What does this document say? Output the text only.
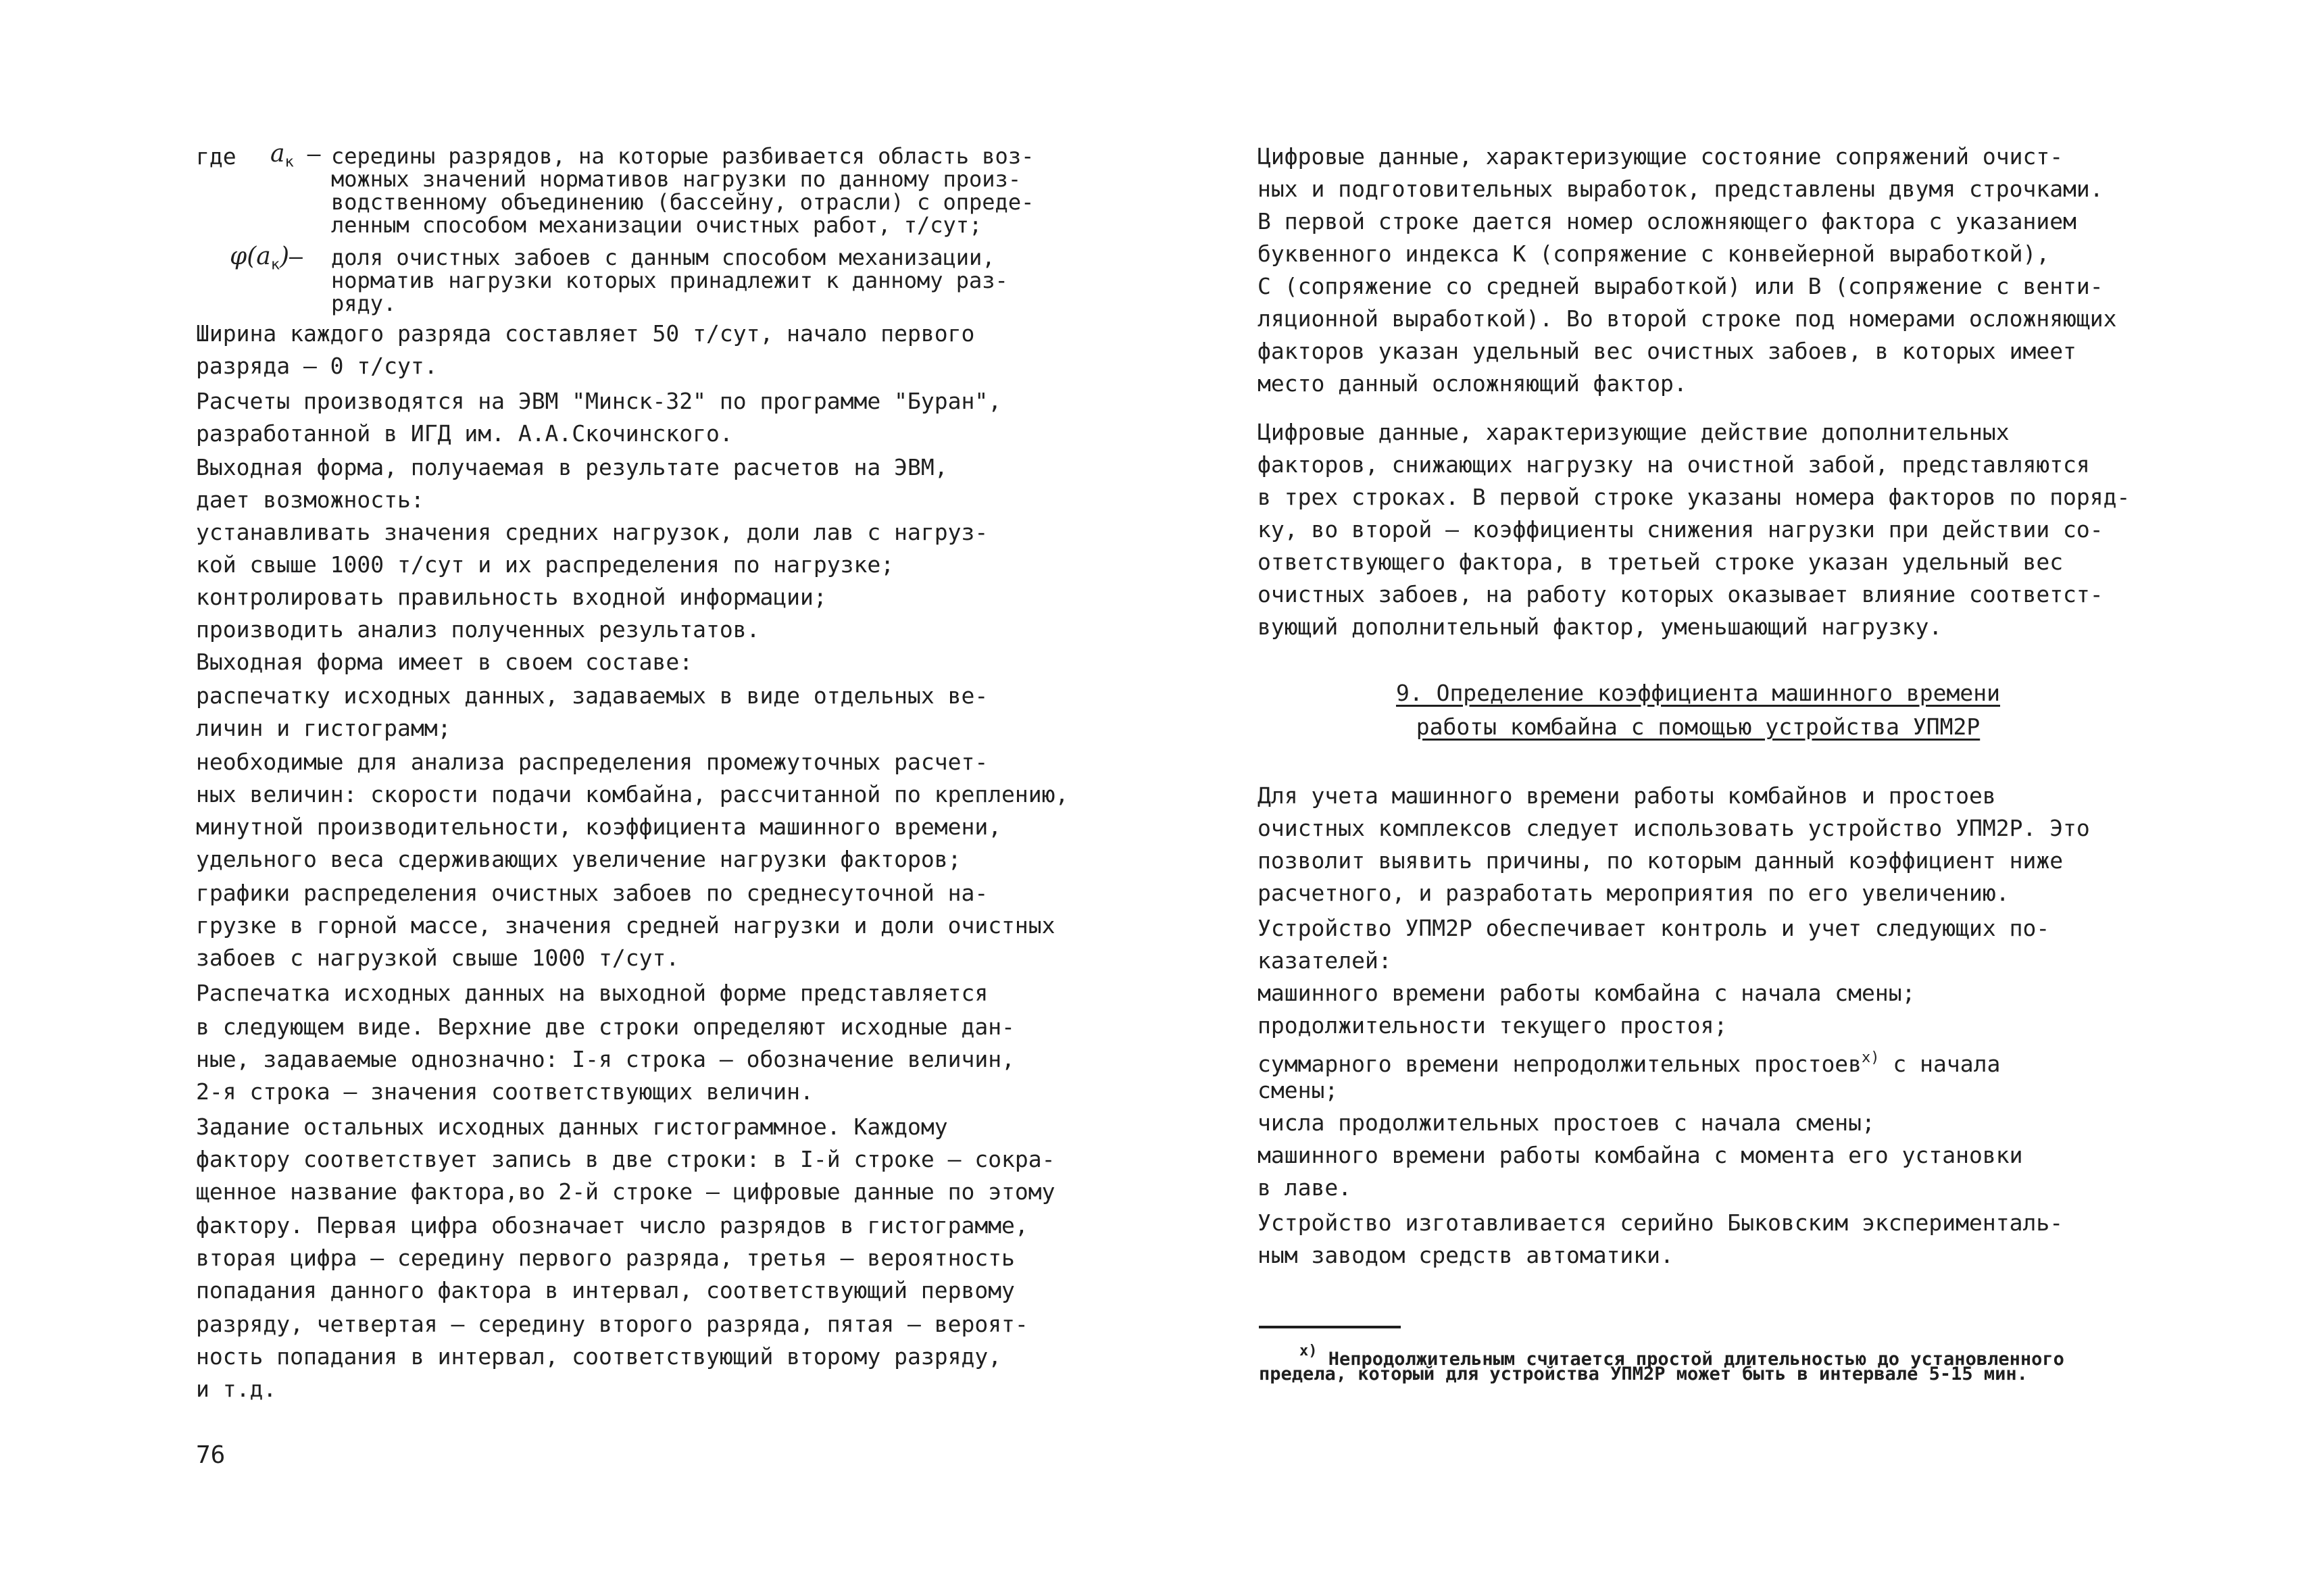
где $a_к$ – середины разрядов, на которые разбивается область воз-
можных значений нормативов нагрузки по данному произ-
водственному объединению (бассейну, отрасли) с опреде-
ленным способом механизации очистных работ, т/сут;
$\varphi(a_к)-$ доля очистных забоев с данным способом механизации,
норматив нагрузки которых принадлежит к данному раз-
ряду.
Ширина каждого разряда составляет 50 т/сут, начало первого
разряда – 0 т/сут.
Расчеты производятся на ЭВМ "Минск-32" по программе "Буран",
разработанной в ИГД им. А.А.Скочинского.
Выходная форма, получаемая в результате расчетов на ЭВМ,
дает возможность:
устанавливать значения средних нагрузок, доли лав с нагруз-
кой свыше 1000 т/сут и их распределения по нагрузке;
контролировать правильность входной информации;
производить анализ полученных результатов.
Выходная форма имеет в своем составе:
распечатку исходных данных, задаваемых в виде отдельных ве-
личин и гистограмм;
необходимые для анализа распределения промежуточных расчет-
ных величин: скорости подачи комбайна, рассчитанной по креплению,
минутной производительности, коэффициента машинного времени,
удельного веса сдерживающих увеличение нагрузки факторов;
графики распределения очистных забоев по среднесуточной на-
грузке в горной массе, значения средней нагрузки и доли очистных
забоев с нагрузкой свыше 1000 т/сут.
Распечатка исходных данных на выходной форме представляется
в следующем виде. Верхние две строки определяют исходные дан-
ные, задаваемые однозначно: I-я строка – обозначение величин,
2-я строка – значения соответствующих величин.
Задание остальных исходных данных гистограммное. Каждому
фактору соответствует запись в две строки: в I-й строке – сокра-
щенное название фактора,во 2-й строке – цифровые данные по этому
фактору. Первая цифра обозначает число разрядов в гистограмме,
вторая цифра – середину первого разряда, третья – вероятность
попадания данного фактора в интервал, соответствующий первому
разряду, четвертая – середину второго разряда, пятая – вероят-
ность попадания в интервал, соответствующий второму разряду,
и т.д.
76
Цифровые данные, характеризующие состояние сопряжений очист-
ных и подготовительных выработок, представлены двумя строчками.
В первой строке дается номер осложняющего фактора с указанием
буквенного индекса К (сопряжение с конвейерной выработкой),
С (сопряжение со средней выработкой) или В (сопряжение с венти-
ляционной выработкой). Во второй строке под номерами осложняющих
факторов указан удельный вес очистных забоев, в которых имеет
место данный осложняющий фактор.
Цифровые данные, характеризующие действие дополнительных
факторов, снижающих нагрузку на очистной забой, представляются
в трех строках. В первой строке указаны номера факторов по поряд-
ку, во второй – коэффициенты снижения нагрузки при действии со-
ответствующего фактора, в третьей строке указан удельный вес
очистных забоев, на работу которых оказывает влияние соответст-
вующий дополнительный фактор, уменьшающий нагрузку.
9. Определение коэффициента машинного времени
работы комбайна с помощью устройства УПМ2Р
Для учета машинного времени работы комбайнов и простоев
очистных комплексов следует использовать устройство УПМ2Р. Это
позволит выявить причины, по которым данный коэффициент ниже
расчетного, и разработать мероприятия по его увеличению.
Устройство УПМ2Р обеспечивает контроль и учет следующих по-
казателей:
машинного времени работы комбайна с начала смены;
продолжительности текущего простоя;
суммарного времени непродолжительных простоев$^{х)}$ с начала
смены;
числа продолжительных простоев с начала смены;
машинного времени работы комбайна с момента его установки
в лаве.
Устройство изготавливается серийно Быковским эксперименталь-
ным заводом средств автоматики.
$^{х)}$ Непродолжительным считается простой длительностью до установленного
предела, который для устройства УПМ2Р может быть в интервале 5-15 мин.
